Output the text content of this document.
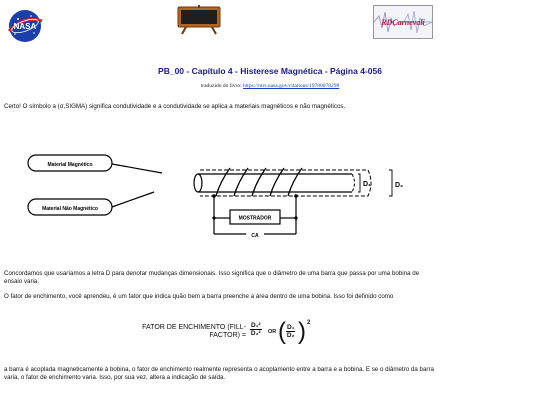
NASA	RDCarnevali
PB_00 - Capítulo 4 - Histerese Magnética - Página 4-056
traduzido do livro: https://ntrs.nasa.gov/citations/19780078298
Certo! O símbolo a (σ,SIGMA) significa condutividade e a condutividade se aplica a materiais magnéticos e não magnéticos.
Material Magnético
Material Não Magnético
MOSTRADOR
CA
D₁	D₂
Concordamos que usaríamos a letra D para denotar mudanças dimensionais. Isso significa que o diâmetro de uma barra que passa por uma bobina de ensaio varia.
O fator de enchimento, você aprendeu, é um fator que indica quão bem a barra preenche a área dentro de uma bobina. Isso foi definido como
FATOR DE ENCHIMENTO (FILL-FACTOR) = $\frac{\text{D₁²}}{\text{D₂²}}$ OR ( $\frac{\text{D₁}}{\text{D₂}}$ ) 2
a barra é acoplada magneticamente à bobina, o fator de enchimento realmente representa o acoplamento entre a barra e a bobina. E se o diâmetro da barra varia, o fator de enchimento varia. Isso, por sua vez, altera a indicação de saída.
